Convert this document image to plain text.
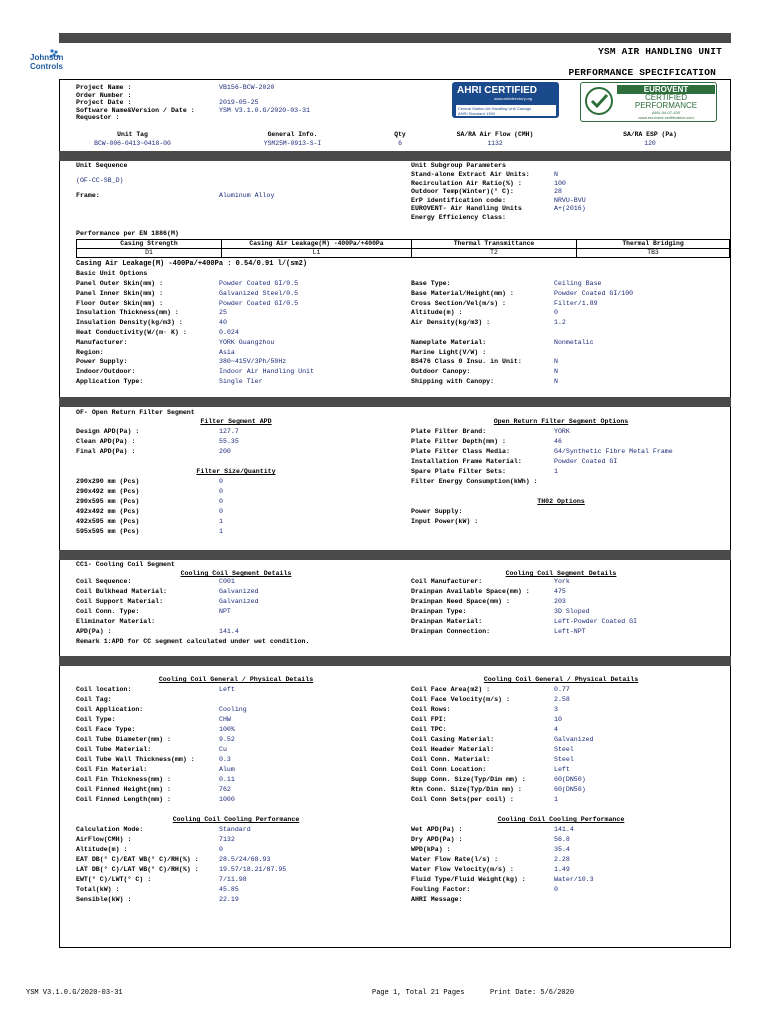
Johnson
Controls
YSM AIR HANDLING UNIT
PERFORMANCE SPECIFICATION
AHRI CERTIFIED
www.ahridirectory.org
Central Station Air-Handling Unit Casings
AHRI Standard 1350
EUROVENT
CERTIFIED
PERFORMANCE
AHU-04-07-430
www.eurovent-certification.com
Project Name :	VB156-BCW-2020
Order Number :
Project Date :	2019-05-25
Software Name&Version / Date :	YSM V3.1.0.G/2020-03-31
Requestor :
Unit Tag	General Info.	Qty	SA/RA Air Flow (CMH)	SA/RA ESP (Pa)
BCW-006-0413~0418-00	YSM25M-0913-S-I	6	1132	120
Unit Sequence
(OF-CC-SB_D)
Frame:	Aluminum Alloy
Unit Subgroup Parameters
Stand-alone Extract Air Units:	N
Recirculation Air Ratio(%) :	100
Outdoor Temp(Winter)(° C):	28
ErP identification code:	NRVU-BVU
EUROVENT- Air Handling Units	A+(2016)
Energy Efficiency Class:
Performance per EN 1886(M)
Casing Strength	Casing Air Leakage(M) -400Pa/+400Pa	Thermal Transmittance	Thermal Bridging
D1	L1	T2	TB3
Casing Air Leakage(M) -400Pa/+400Pa : 0.54/0.91 l/(sm2)
Basic Unit Options
Panel Outer Skin(mm) :	Powder Coated GI/0.5
Panel Inner Skin(mm) :	Galvanized Steel/0.5
Floor Outer Skin(mm) :	Powder Coated GI/0.5
Insulation Thickness(mm) :	25
Insulation Density(kg/m3) :	40
Heat Conductivity(W/(m· K) :	0.024
Manufacturer:	YORK Guangzhou
Region:	Asia
Power Supply:	380~415V/3Ph/50Hz
Indoor/Outdoor:	Indoor Air Handling Unit
Application Type:	Single Tier
Base Type:	Ceiling Base
Base Material/Height(mm) :	Powder Coated GI/100
Cross Section/Vel(m/s) :	Filter/1.89
Altitude(m) :	0
Air Density(kg/m3) :	1.2
Nameplate Material:	Nonmetalic
Marine Light(V/W) :
BS476 Class 0 Insu. in Unit:	N
Outdoor Canopy:	N
Shipping with Canopy:	N
OF- Open Return Filter Segment
Filter Segment APD	Open Return Filter Segment Options
Filter Size/Quantity
TH02 Options
Design APD(Pa) :	127.7
Clean APD(Pa) :	55.35
Final APD(Pa) :	200
290x290 mm (Pcs)	0
290x492 mm (Pcs)	0
290x595 mm (Pcs)	0
492x492 mm (Pcs)	0
492x595 mm (Pcs)	1
595x595 mm (Pcs)	1
Plate Filter Brand:	YORK
Plate Filter Depth(mm) :	46
Plate Filter Class Media:	G4/Synthetic Fibre Metal Frame
Installation Frame Material:	Powder Coated GI
Spare Plate Filter Sets:	1
Filter Energy Consumption(kWh) :
Power Supply:
Input Power(kW) :
CC1- Cooling Coil Segment
Cooling Coil Segment Details	Cooling Coil Segment Details
Coil Sequence:	C001
Coil Bulkhead Material:	Galvanized
Coil Support Material:	Galvanized
Coil Conn. Type:	NPT
Eliminator Material:
APD(Pa) :	141.4
Coil Manufacturer:	York
Drainpan Available Space(mm) :	475
Drainpan Need Space(mm) :	203
Drainpan Type:	3D Sloped
Drainpan Material:	Left-Powder Coated GI
Drainpan Connection:	Left-NPT
Remark 1:APD for CC segment calculated under wet condition.
Cooling Coil General / Physical Details	Cooling Coil General / Physical Details
Cooling Coil Cooling Performance	Cooling Coil Cooling Performance
Coil location:	Left
Coil Tag:
Coil Application:	Cooling
Coil Type:	CHW
Coil Face Type:	100%
Coil Tube Diameter(mm) :	9.52
Coil Tube Material:	Cu
Coil Tube Wall Thickness(mm) :	0.3
Coil Fin Material:	Alum
Coil Fin Thickness(mm) :	0.11
Coil Finned Height(mm) :	762
Coil Finned Length(mm) :	1000
Coil Face Area(m2) :	0.77
Coil Face Velocity(m/s) :	2.58
Coil Rows:	3
Coil FPI:	10
Coil TPC:	4
Coil Casing Material:	Galvanized
Coil Header Material:	Steel
Coil Conn. Material:	Steel
Coil Conn Location:	Left
Supp Conn. Size(Typ/Dim mm) :	60(DN50)
Rtn Conn. Size(Typ/Dim mm) :	60(DN50)
Coil Conn Sets(per coil) :	1
Calculation Mode:	Standard
AirFlow(CMH) :	7132
Altitude(m) :	0
EAT DB(° C)/EAT WB(° C)/RH(%) :	28.5/24/68.93
LAT DB(° C)/LAT WB(° C)/RH(%) :	19.57/18.21/87.95
EWT(° C)/LWT(° C) :	7/11.98
Total(kW) :	45.85
Sensible(kW) :	22.19
Wet APD(Pa) :	141.4
Dry APD(Pa) :	56.8
WPD(kPa) :	35.4
Water Flow Rate(l/s) :	2.28
Water Flow Velocity(m/s) :	1.49
Fluid Type/Fluid Weight(kg) :	Water/10.3
Fouling Factor:	0
AHRI Message:
YSM V3.1.0.G/2020-03-31	Page 1, Total 21 Pages	Print Date: 5/6/2020
